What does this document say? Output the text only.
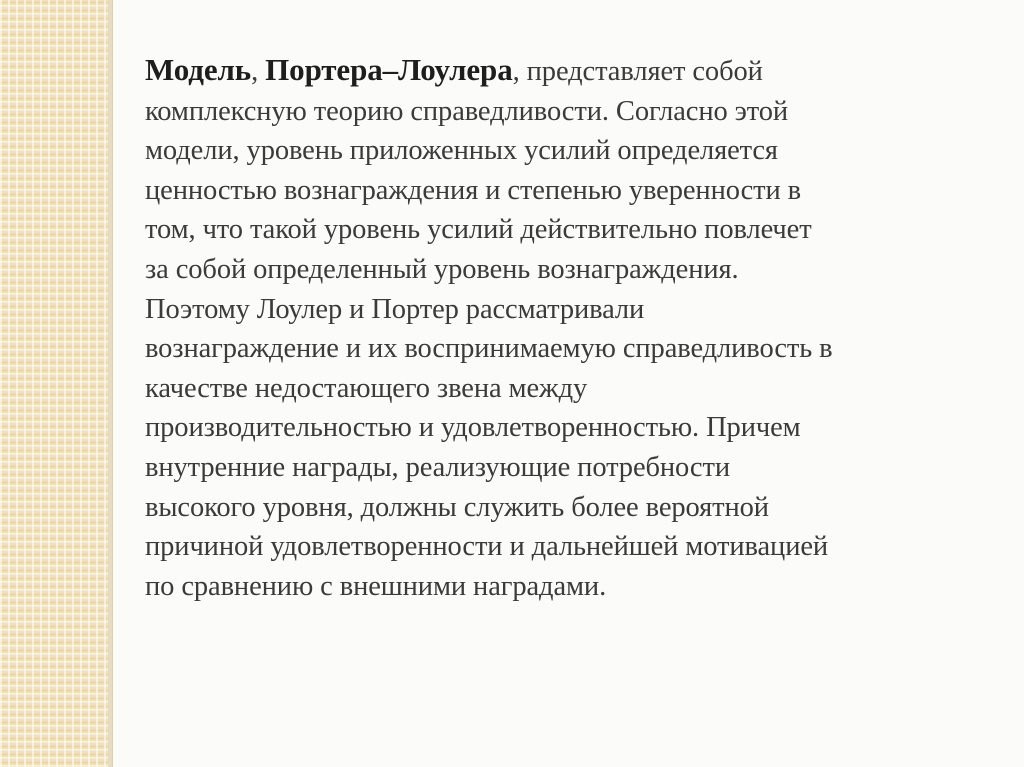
Модель, Портера–Лоулера, представляет собой
комплексную теорию справедливости. Согласно этой
модели, уровень приложенных усилий определяется
ценностью вознаграждения и степенью уверенности в
том, что такой уровень усилий действительно повлечет
за собой определенный уровень вознаграждения.
Поэтому Лоулер и Портер рассматривали
вознаграждение и их воспринимаемую справедливость в
качестве недостающего звена между
производительностью и удовлетворенностью. Причем
внутренние награды, реализующие потребности
высокого уровня, должны служить более вероятной
причиной удовлетворенности и дальнейшей мотивацией
по сравнению с внешними наградами.
